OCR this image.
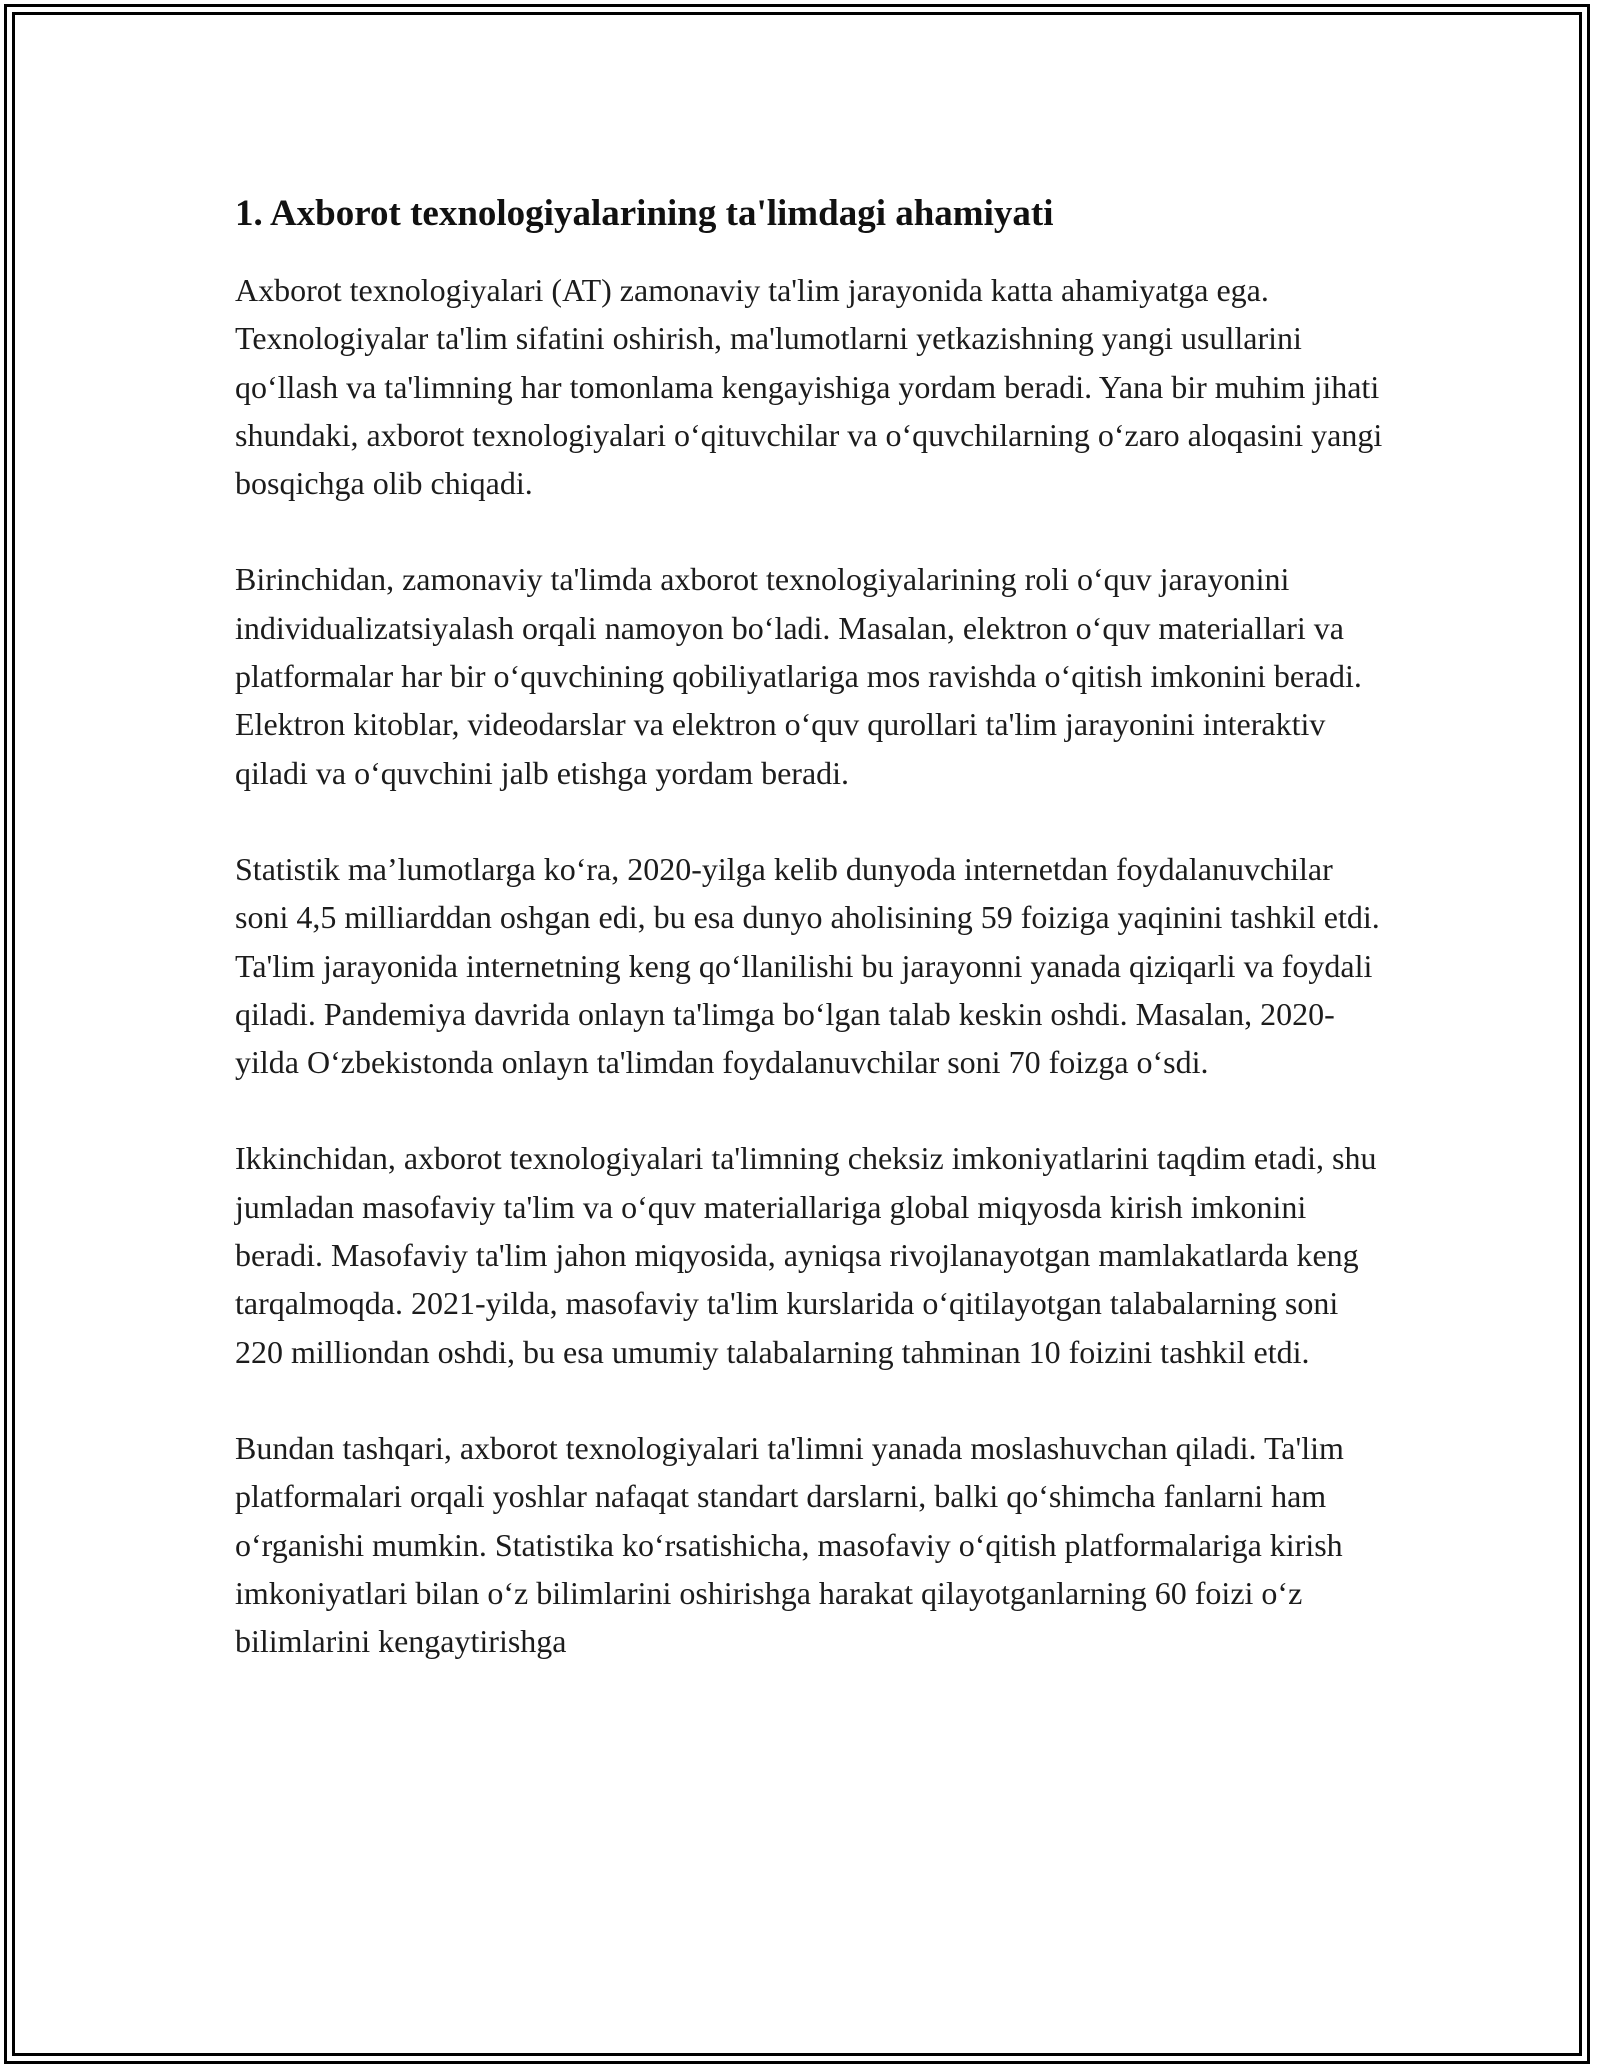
1. Axborot texnologiyalarining ta'limdagi ahamiyati

Axborot texnologiyalari (AT) zamonaviy ta'lim jarayonida katta ahamiyatga ega. Texnologiyalar ta'lim sifatini oshirish, ma'lumotlarni yetkazishning yangi usullarini qo‘llash va ta'limning har tomonlama kengayishiga yordam beradi. Yana bir muhim jihati shundaki, axborot texnologiyalari o‘qituvchilar va o‘quvchilarning o‘zaro aloqasini yangi bosqichga olib chiqadi.

Birinchidan, zamonaviy ta'limda axborot texnologiyalarining roli o‘quv jarayonini individualizatsiyalash orqali namoyon bo‘ladi. Masalan, elektron o‘quv materiallari va platformalar har bir o‘quvchining qobiliyatlariga mos ravishda o‘qitish imkonini beradi. Elektron kitoblar, videodarslar va elektron o‘quv qurollari ta'lim jarayonini interaktiv qiladi va o‘quvchini jalb etishga yordam beradi.

Statistik ma’lumotlarga ko‘ra, 2020-yilga kelib dunyoda internetdan foydalanuvchilar soni 4,5 milliarddan oshgan edi, bu esa dunyo aholisining 59 foiziga yaqinini tashkil etdi. Ta'lim jarayonida internetning keng qo‘llanilishi bu jarayonni yanada qiziqarli va foydali qiladi. Pandemiya davrida onlayn ta'limga bo‘lgan talab keskin oshdi. Masalan, 2020-yilda O‘zbekistonda onlayn ta'limdan foydalanuvchilar soni 70 foizga o‘sdi.

Ikkinchidan, axborot texnologiyalari ta'limning cheksiz imkoniyatlarini taqdim etadi, shu jumladan masofaviy ta'lim va o‘quv materiallariga global miqyosda kirish imkonini beradi. Masofaviy ta'lim jahon miqyosida, ayniqsa rivojlanayotgan mamlakatlarda keng tarqalmoqda. 2021-yilda, masofaviy ta'lim kurslarida o‘qitilayotgan talabalarning soni 220 milliondan oshdi, bu esa umumiy talabalarning tahminan 10 foizini tashkil etdi.

Bundan tashqari, axborot texnologiyalari ta'limni yanada moslashuvchan qiladi. Ta'lim platformalari orqali yoshlar nafaqat standart darslarni, balki qo‘shimcha fanlarni ham o‘rganishi mumkin. Statistika ko‘rsatishicha, masofaviy o‘qitish platformalariga kirish imkoniyatlari bilan o‘z bilimlarini oshirishga harakat qilayotganlarning 60 foizi o‘z bilimlarini kengaytirishga
